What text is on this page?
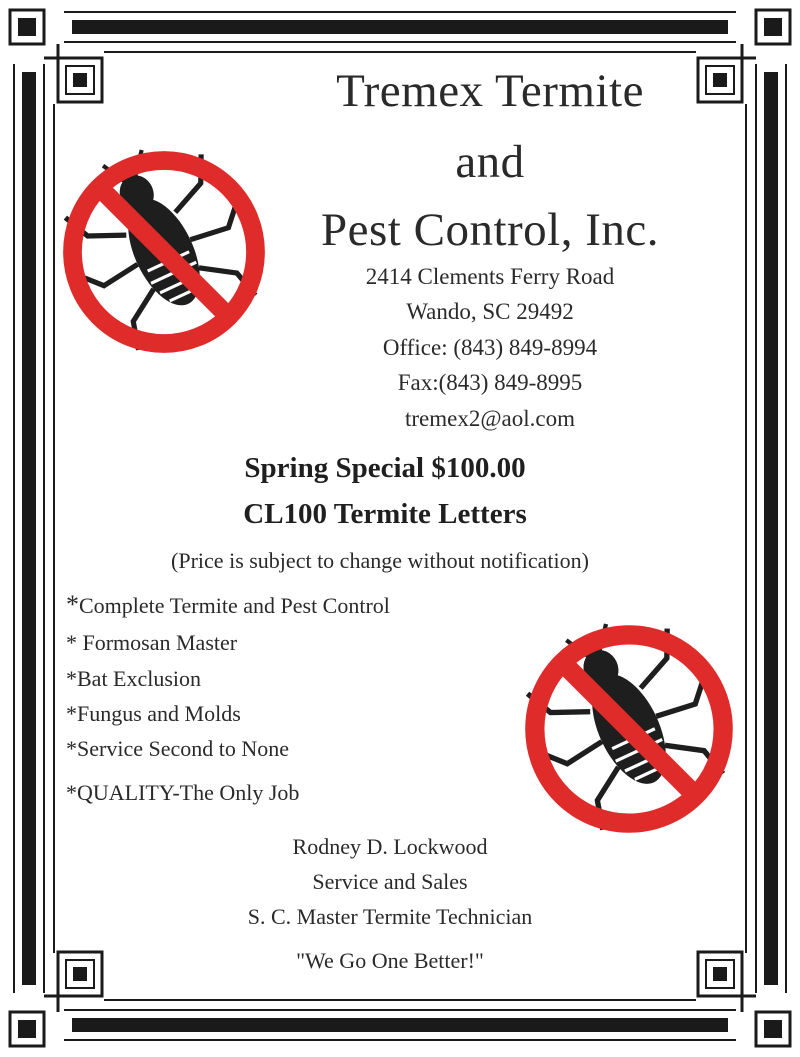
Tremex Termite
and
Pest Control, Inc.
2414 Clements Ferry Road
Wando, SC 29492
Office: (843) 849-8994
Fax:(843) 849-8995
tremex2@aol.com
Spring Special $100.00
CL100 Termite Letters
(Price is subject to change without notification)
*Complete Termite and Pest Control
* Formosan Master
*Bat Exclusion
*Fungus and Molds
*Service Second to None
*QUALITY-The Only Job
Rodney D. Lockwood
Service and Sales
S. C. Master Termite Technician
"We Go One Better!"
